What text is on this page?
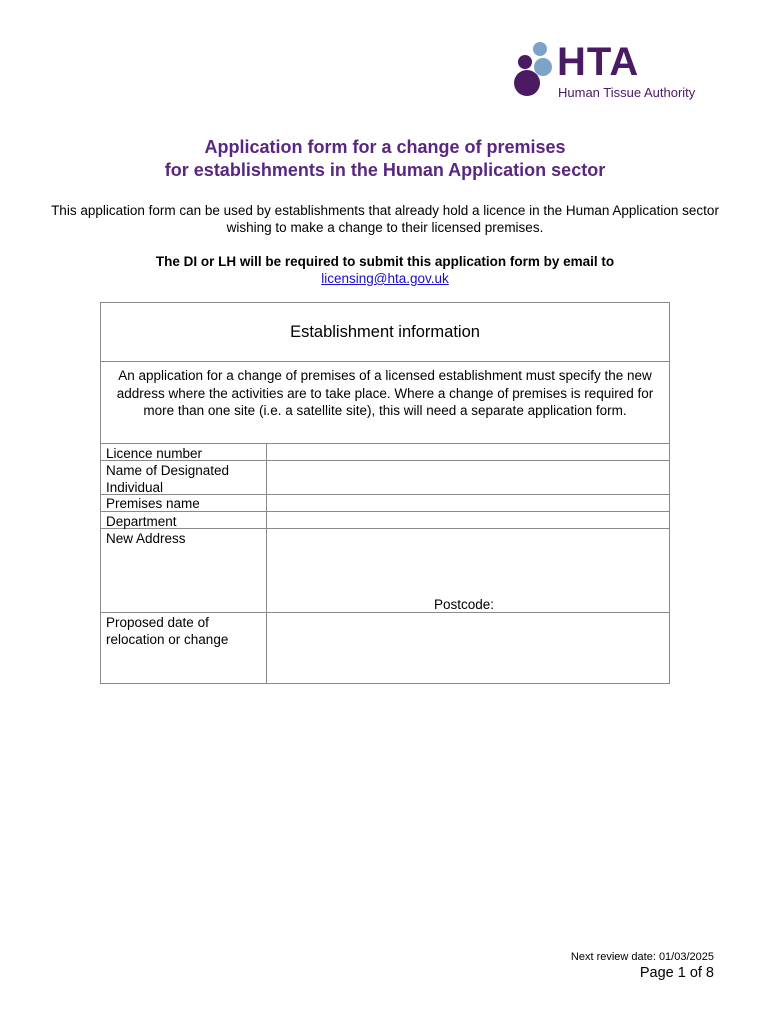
HTA
Human Tissue Authority
Application form for a change of premises
for establishments in the Human Application sector
This application form can be used by establishments that already hold a licence in the Human Application sector wishing to make a change to their licensed premises.
The DI or LH will be required to submit this application form by email to
licensing@hta.gov.uk
Establishment information
An application for a change of premises of a licensed establishment must specify the new address where the activities are to take place. Where a change of premises is required for more than one site (i.e. a satellite site), this will need a separate application form.
Licence number
Name of Designated Individual
Premises name
Department
New Address
Proposed date of relocation or change
Postcode:
Next review date: 01/03/2025
Page 1 of 8
